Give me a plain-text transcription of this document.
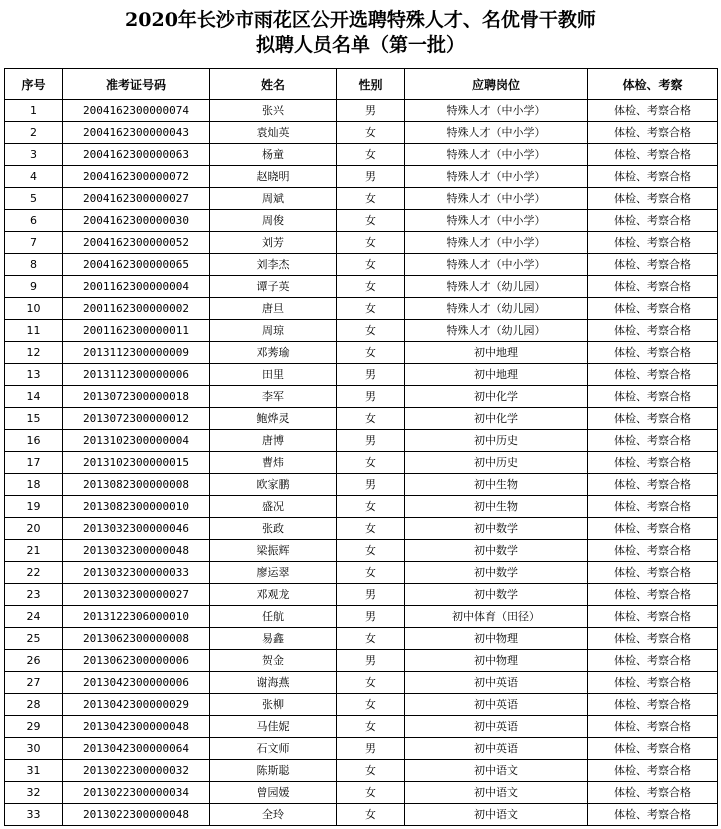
2020年长沙市雨花区公开选聘特殊人才、名优骨干教师
拟聘人员名单（第一批）
序号	准考证号码	姓名	性别	应聘岗位	体检、考察
1	2004162300000074	张兴	男	特殊人才（中小学）	体检、考察合格
2	2004162300000043	袁灿英	女	特殊人才（中小学）	体检、考察合格
3	2004162300000063	杨童	女	特殊人才（中小学）	体检、考察合格
4	2004162300000072	赵晓明	男	特殊人才（中小学）	体检、考察合格
5	2004162300000027	周斌	女	特殊人才（中小学）	体检、考察合格
6	2004162300000030	周俊	女	特殊人才（中小学）	体检、考察合格
7	2004162300000052	刘芳	女	特殊人才（中小学）	体检、考察合格
8	2004162300000065	刘李杰	女	特殊人才（中小学）	体检、考察合格
9	2001162300000004	谭子英	女	特殊人才（幼儿园）	体检、考察合格
10	2001162300000002	唐旦	女	特殊人才（幼儿园）	体检、考察合格
11	2001162300000011	周琼	女	特殊人才（幼儿园）	体检、考察合格
12	2013112300000009	邓莠瑜	女	初中地理	体检、考察合格
13	2013112300000006	田里	男	初中地理	体检、考察合格
14	2013072300000018	李军	男	初中化学	体检、考察合格
15	2013072300000012	鲍烨灵	女	初中化学	体检、考察合格
16	2013102300000004	唐博	男	初中历史	体检、考察合格
17	2013102300000015	曹炜	女	初中历史	体检、考察合格
18	2013082300000008	欧家鹏	男	初中生物	体检、考察合格
19	2013082300000010	盛况	女	初中生物	体检、考察合格
20	2013032300000046	张政	女	初中数学	体检、考察合格
21	2013032300000048	梁振辉	女	初中数学	体检、考察合格
22	2013032300000033	廖运翠	女	初中数学	体检、考察合格
23	2013032300000027	邓观龙	男	初中数学	体检、考察合格
24	2013122306000010	任航	男	初中体育（田径）	体检、考察合格
25	2013062300000008	易鑫	女	初中物理	体检、考察合格
26	2013062300000006	贺金	男	初中物理	体检、考察合格
27	2013042300000006	谢海燕	女	初中英语	体检、考察合格
28	2013042300000029	张柳	女	初中英语	体检、考察合格
29	2013042300000048	马佳妮	女	初中英语	体检、考察合格
30	2013042300000064	石文师	男	初中英语	体检、考察合格
31	2013022300000032	陈斯聪	女	初中语文	体检、考察合格
32	2013022300000034	曾园媛	女	初中语文	体检、考察合格
33	2013022300000048	全玲	女	初中语文	体检、考察合格
